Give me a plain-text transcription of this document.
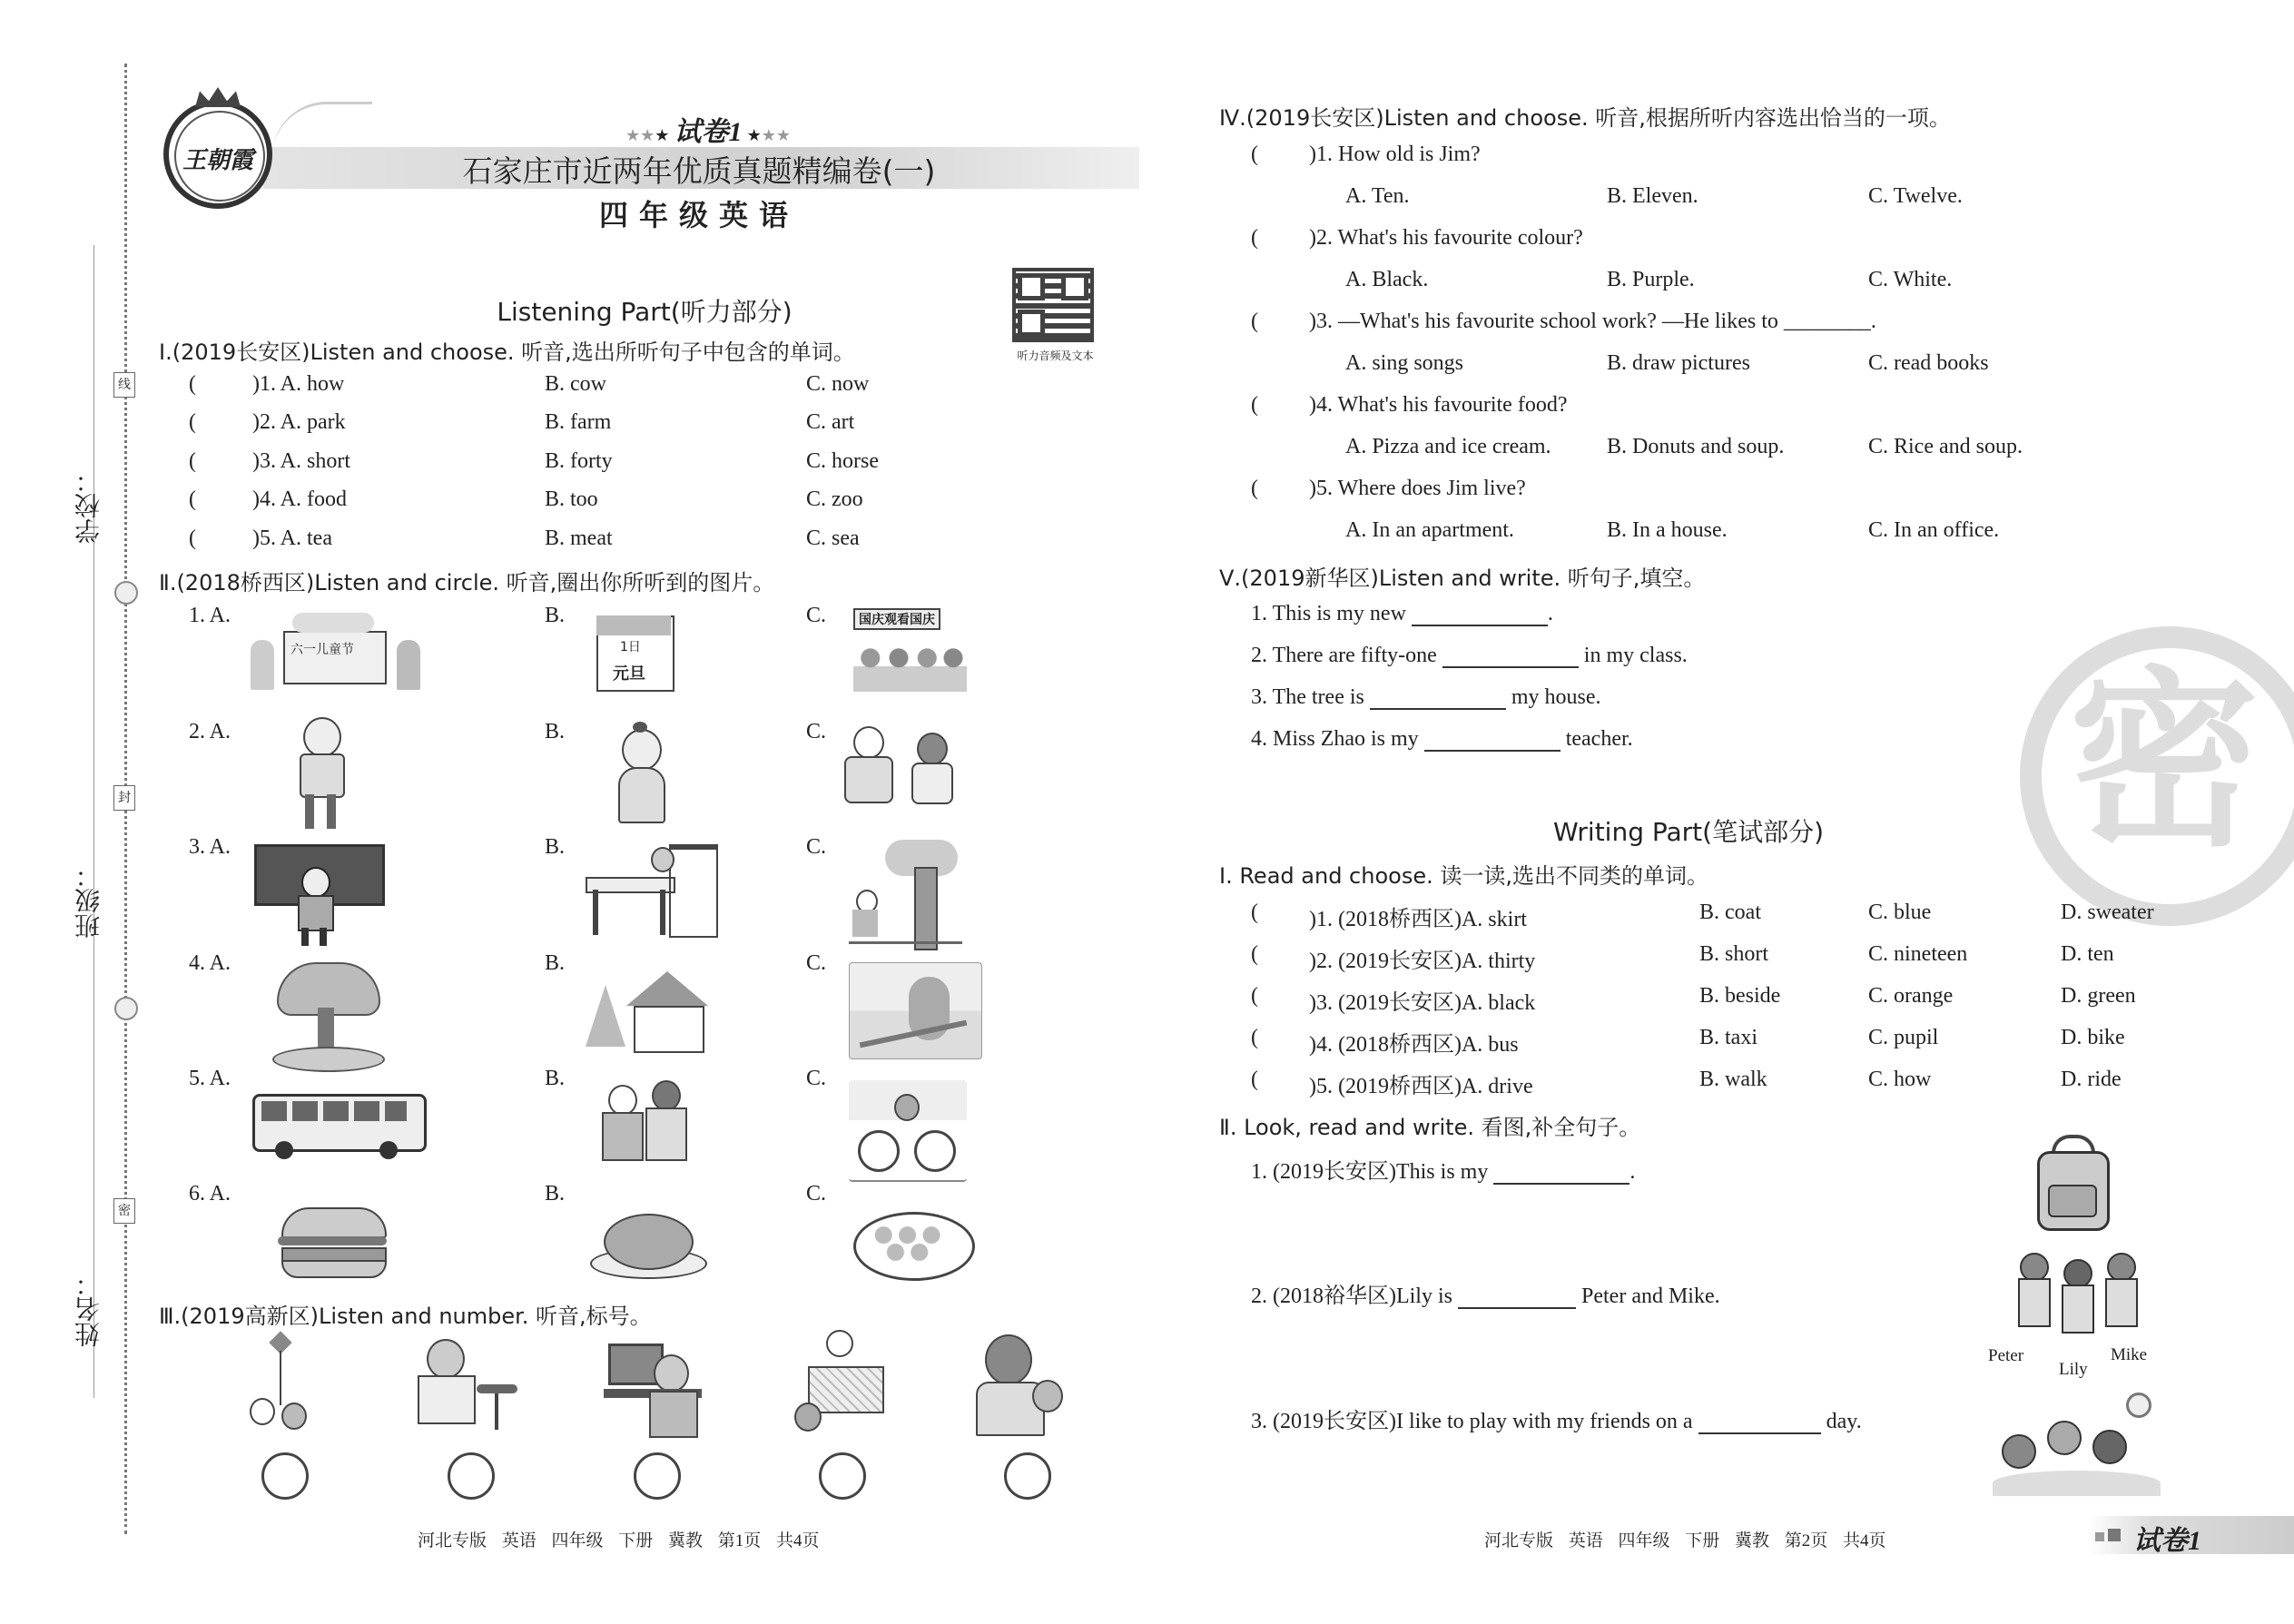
学校：
班级：
姓名：
线
封
密
王朝霞
★★★ 试卷1 ★★★
石家庄市近两年优质真题精编卷(一)
四年级英语
听力音频及文本
Listening Part(听力部分)
Ⅰ.(2019长安区)Listen and choose. 听音,选出所听句子中包含的单词。
(	)1. A. how	B. cow	C. now
(	)2. A. park	B. farm	C. art
(	)3. A. short	B. forty	C. horse
(	)4. A. food	B. too	C. zoo
(	)5. A. tea	B. meat	C. sea
Ⅱ.(2018桥西区)Listen and circle. 听音,圈出你所听到的图片。
1. A.	B.	C.
六一儿童节	1日
元旦
国庆观看国庆
2. A.	B.	C.
3. A.	B.	C.
4. A.	B.	C.
5. A.	B.	C.
6. A.	B.	C.
Ⅲ.(2019高新区)Listen and number. 听音,标号。
河北专版 英语 四年级 下册 冀教 第1页 共4页
Ⅳ.(2019长安区)Listen and choose. 听音,根据所听内容选出恰当的一项。
( )1. How old is Jim?
A. Ten.	B. Eleven.	C. Twelve.
( )2. What's his favourite colour?
A. Black.	B. Purple.	C. White.
( )3. —What's his favourite school work? —He likes to ________.
A. sing songs	B. draw pictures	C. read books
( )4. What's his favourite food?
A. Pizza and ice cream.	B. Donuts and soup.	C. Rice and soup.
( )5. Where does Jim live?
A. In an apartment.	B. In a house.	C. In an office.
Ⅴ.(2019新华区)Listen and write. 听句子,填空。
1. This is my new	.
2. There are fifty-one	in my class.
3. The tree is	my house.
4. Miss Zhao is my	teacher. 密
Writing Part(笔试部分)
Ⅰ. Read and choose. 读一读,选出不同类的单词。
( )1. (2018桥西区)A. skirt	B. coat	C. blue	D. sweater
( )2. (2019长安区)A. thirty	B. short	C. nineteen	D. ten
( )3. (2019长安区)A. black	B. beside	C. orange	D. green
( )4. (2018桥西区)A. bus	B. taxi	C. pupil	D. bike
( )5. (2019桥西区)A. drive	B. walk	C. how	D. ride
Ⅱ. Look, read and write. 看图,补全句子。
1. (2019长安区)This is my	.
2. (2018裕华区)Lily is	Peter and Mike.
Peter
Lily
Mike
3. (2019长安区)I like to play with my friends on a	day.
河北专版 英语 四年级 下册 冀教 第2页 共4页	试卷1
